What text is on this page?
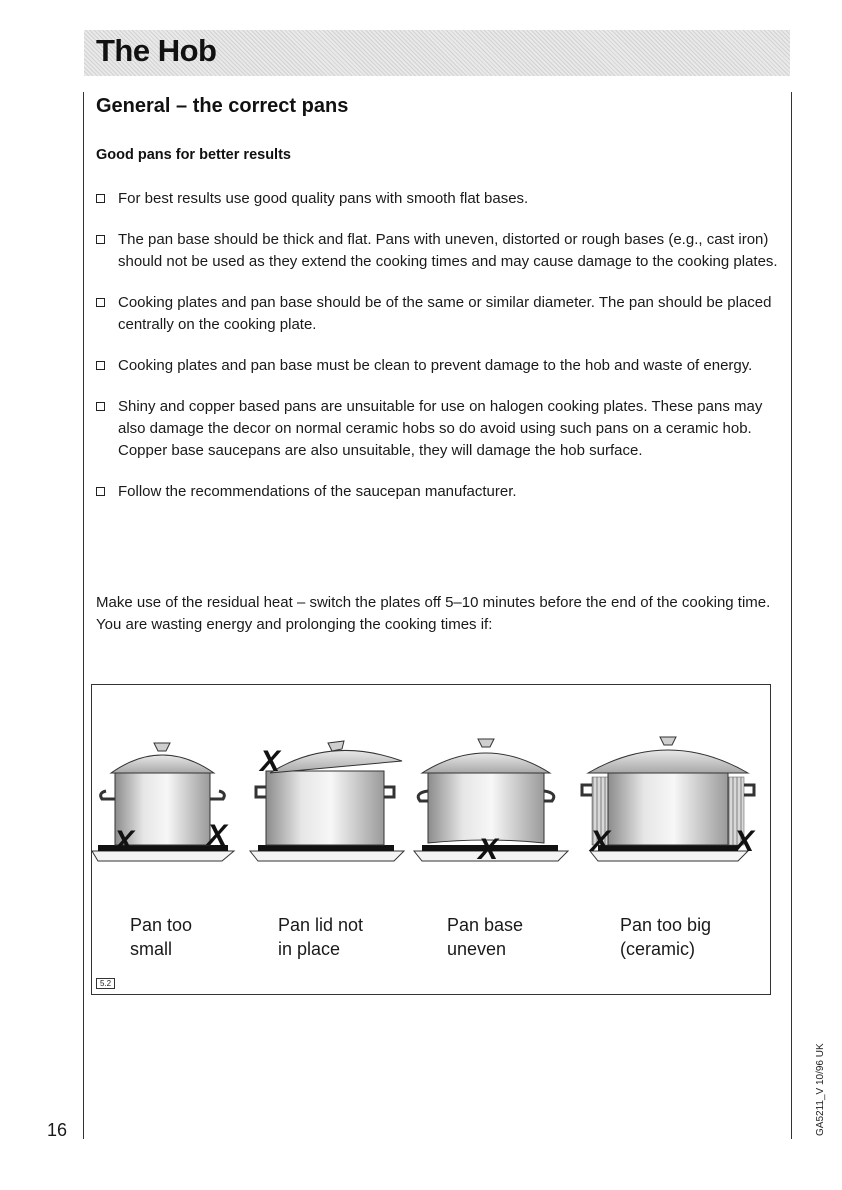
The Hob
General – the correct pans
Good pans for better results
For best results use good quality pans with smooth flat bases.
The pan base should be thick and flat. Pans with uneven, distorted or rough bases (e.g., cast iron) should not be used as they extend the cooking times and may cause damage to the cooking plates.
Cooking plates and pan base should be of the same or similar diameter. The pan should be placed centrally on the cooking plate.
Cooking plates and pan base must be clean to prevent damage to the hob and waste of energy.
Shiny and copper based pans are unsuitable for use on halogen cooking plates. These pans may also damage the decor on normal ceramic hobs so do avoid using such pans on a ceramic hob. Copper base saucepans are also unsuitable, they will damage the hob surface.
Follow the recommendations of the saucepan manufacturer.

Make use of the residual heat – switch the plates off 5–10 minutes before the end of the cooking time.
You are wasting energy and prolonging the cooking times if:

X X
X
X	X	X

Pan too
small

Pan lid not
in place

Pan base
uneven

Pan too big
(ceramic)

5.2

16	GA5211_V 10/96 UK
